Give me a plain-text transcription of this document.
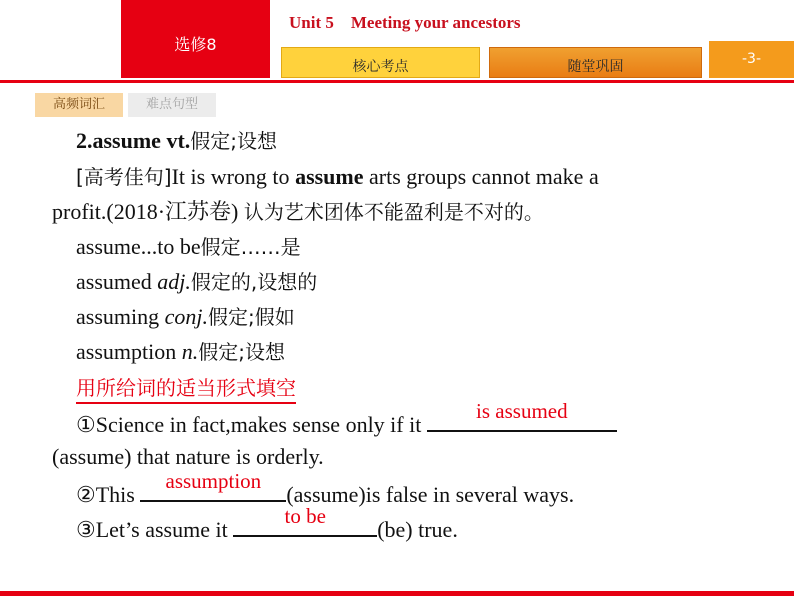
选修8
Unit 5    Meeting your ancestors
核心考点	随堂巩固	-3-
高频词汇	难点句型
2.assume vt.假定;设想
[高考佳句]It is wrong to assume arts groups cannot make a
profit.(2018·江苏卷) 认为艺术团体不能盈利是不对的。
assume...to be假定……是
assumed adj.假定的,设想的
assuming conj.假定;假如
assumption n.假定;设想
用所给词的适当形式填空
①Science in fact,makes sense only if it
is assumed
(assume) that nature is orderly.
②This
assumption
(assume)is false in several ways.
③Let’s assume it
to be
(be) true.
